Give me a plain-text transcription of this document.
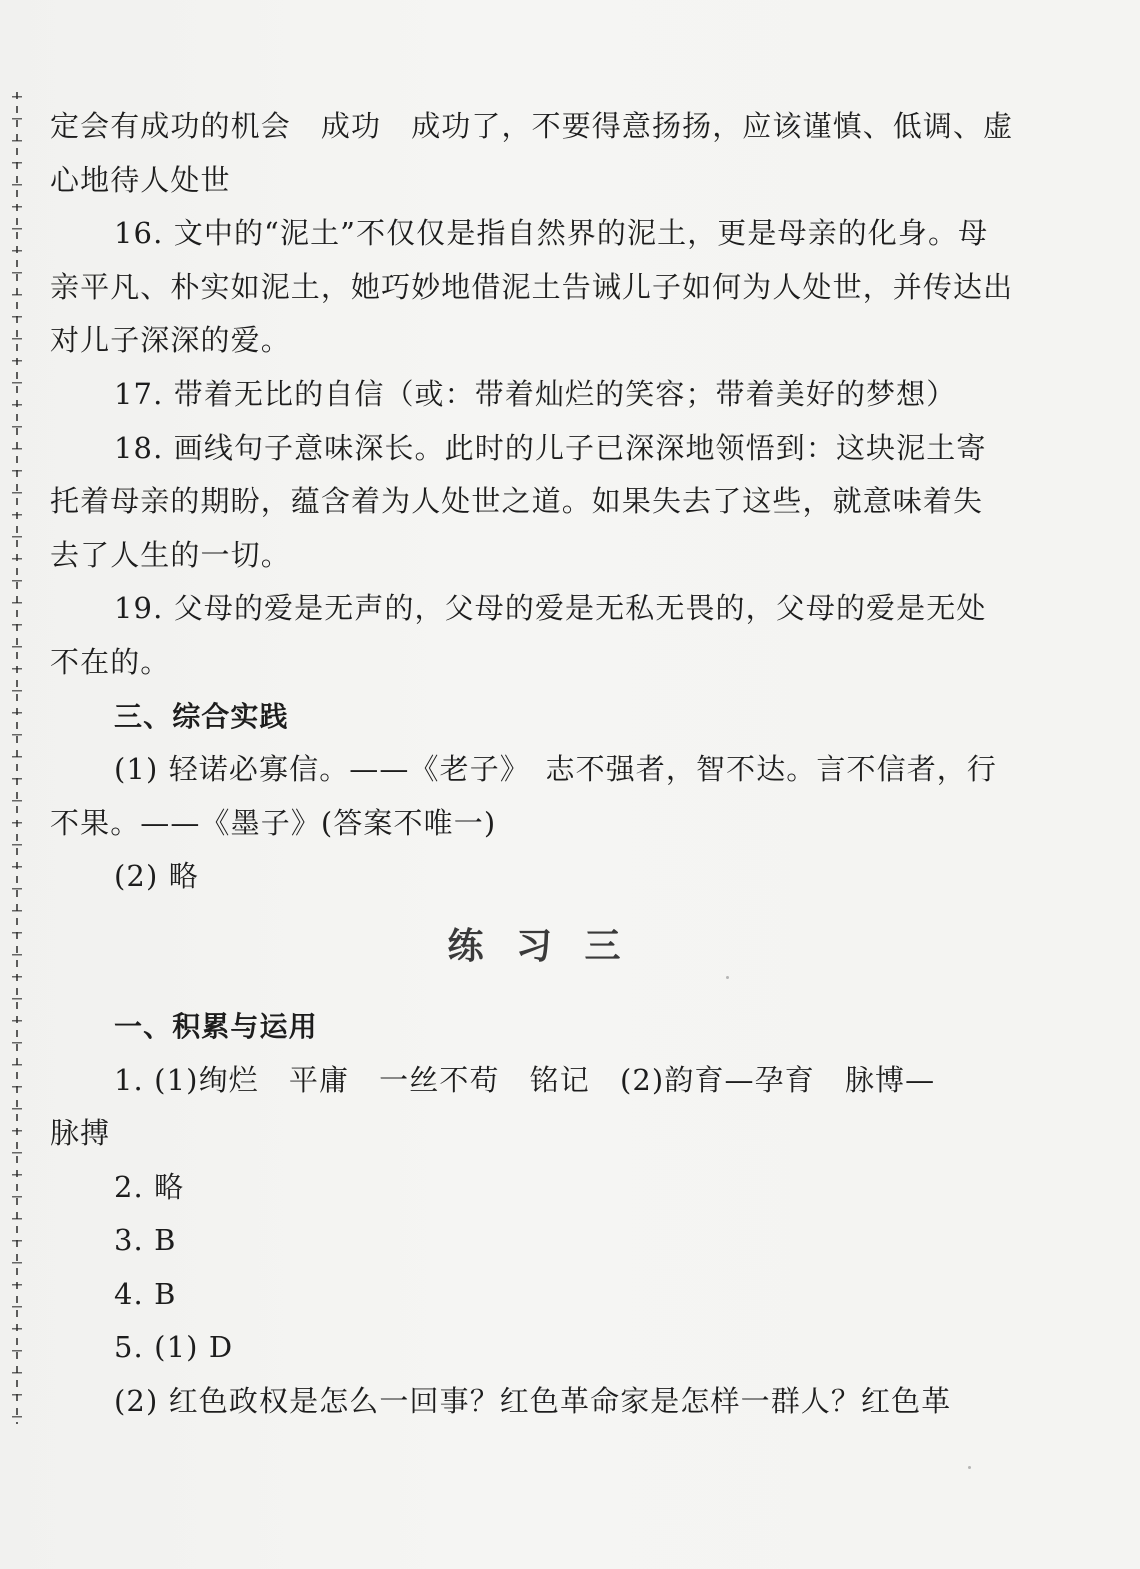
定会有成功的机会　成功　成功了，不要得意扬扬，应该谨慎、低调、虚
心地待人处世
16. 文中的“泥土”不仅仅是指自然界的泥土，更是母亲的化身。母
亲平凡、朴实如泥土，她巧妙地借泥土告诫儿子如何为人处世，并传达出
对儿子深深的爱。
17. 带着无比的自信（或：带着灿烂的笑容；带着美好的梦想）
18. 画线句子意味深长。此时的儿子已深深地领悟到：这块泥土寄
托着母亲的期盼，蕴含着为人处世之道。如果失去了这些，就意味着失
去了人生的一切。
19. 父母的爱是无声的，父母的爱是无私无畏的，父母的爱是无处
不在的。
三、综合实践
(1) 轻诺必寡信。——《老子》　志不强者，智不达。言不信者，行
不果。——《墨子》(答案不唯一)
(2) 略
练 习 三
一、积累与运用
1. (1)绚烂　平庸　一丝不苟　铭记　(2)韵育—孕育　脉博—
脉搏
2. 略
3. B
4. B
5. (1) D
(2) 红色政权是怎么一回事？红色革命家是怎样一群人？红色革
